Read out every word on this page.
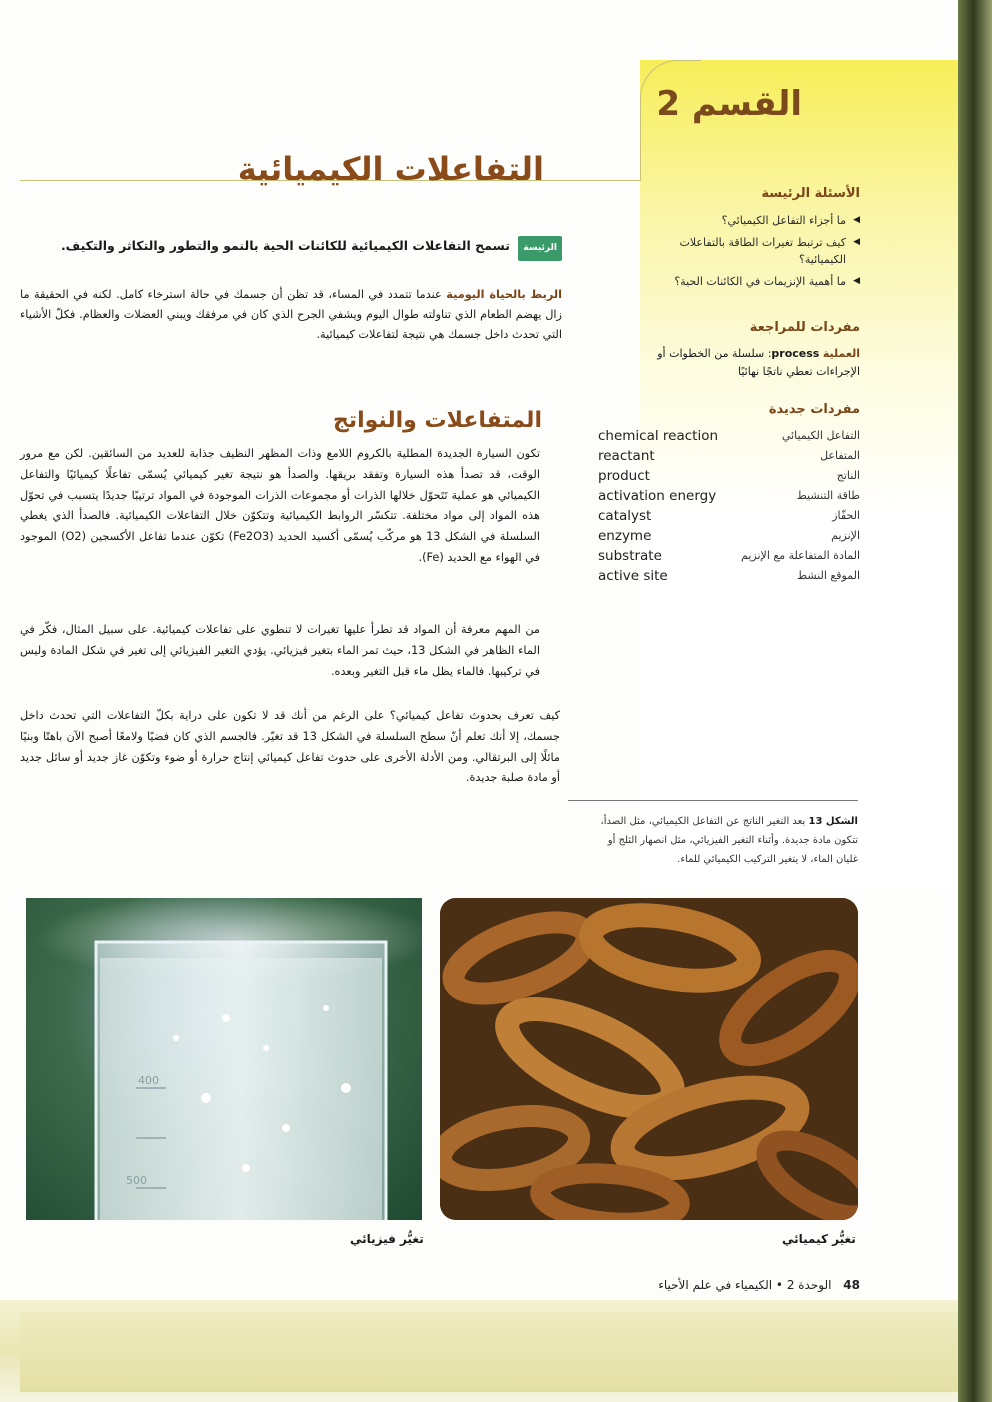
القسم 2
التفاعلات الكيميائية
الأسئلة الرئيسة
◀ ما أجزاء التفاعل الكيميائي؟
◀ كيف ترتبط تغيرات الطاقة بالتفاعلات الكيميائية؟
◀ ما أهمية الإنزيمات في الكائنات الحية؟
مفردات للمراجعة
العملية process: سلسلة من الخطوات أو الإجراءات تعطي ناتجًا نهائيًا
مفردات جديدة
chemical reaction	التفاعل الكيميائي
reactant	المتفاعل
product	الناتج
activation energy	طاقة التنشيط
catalyst	الحفّاز
enzyme	الإنزيم
substrate	المادة المتفاعلة مع الإنزيم
active site	الموقع النشط
الرئيسة تسمح التفاعلات الكيميائية للكائنات الحية بالنمو والتطور والتكاثر والتكيف.
الربط بالحياة اليومية عندما تتمدد في المساء، قد تظن أن جسمك في حالة استرخاء كامل. لكنه في الحقيقة ما زال يهضم الطعام الذي تناولته طوال اليوم ويشفي الجرح الذي كان في مرفقك ويبني العضلات والعظام. فكلّ الأشياء التي تحدث داخل جسمك هي نتيجة لتفاعلات كيميائية.
المتفاعلات والنواتج
تكون السيارة الجديدة المطلية بالكروم اللامع وذات المظهر النظيف جذابة للعديد من السائقين. لكن مع مرور الوقت، قد تصدأ هذه السيارة وتفقد بريقها. والصدأ هو نتيجة تغير كيميائي يُسمّى تفاعلًا كيميائيًا والتفاعل الكيميائي هو عملية تَتَحوّل خلالها الذرات أو مجموعات الذرات الموجودة في المواد ترتيبًا جديدًا يتسبب في تحوّل هذه المواد إلى مواد مختلفة. تتكسّر الروابط الكيميائية وتتكوّن خلال التفاعلات الكيميائية. فالصدأ الذي يغطي السلسلة في الشكل 13 هو مركّب يُسمّى أكسيد الحديد (Fe2O3) تكوّن عندما تفاعل الأكسجين (O2) الموجود في الهواء مع الحديد (Fe).
من المهم معرفة أن المواد قد تطرأ عليها تغيرات لا تنطوي على تفاعلات كيميائية. على سبيل المثال، فكّر في الماء الظاهر في الشكل 13، حيث تمر الماء بتغير فيزيائي. يؤدي التغير الفيزيائي إلى تغير في شكل المادة وليس في تركيبها. فالماء يظل ماء قبل التغير وبعده.
كيف تعرف بحدوث تفاعل كيميائي؟ على الرغم من أنك قد لا تكون على دراية بكلّ التفاعلات التي تحدث داخل جسمك، إلا أنك تعلم أنّ سطح السلسلة في الشكل 13 قد تغيّر. فالجسم الذي كان فضيًا ولامعًا أصبح الآن باهتًا وبنيًا مائلًا إلى البرتقالي. ومن الأدلة الأخرى على حدوث تفاعل كيميائي إنتاج حرارة أو ضوء وتكوّن غاز جديد أو سائل جديد أو مادة صلبة جديدة.
الشكل 13 بعد التغير الناتج عن التفاعل الكيميائي، مثل الصدأ، تتكون مادة جديدة. وأثناء التغير الفيزيائي، مثل انصهار الثلج أو غليان الماء، لا يتغير التركيب الكيميائي للماء.
400
500
تغيُّر فيزيائي	تغيُّر كيميائي
48 الوحدة 2 • الكيمياء في علم الأحياء
